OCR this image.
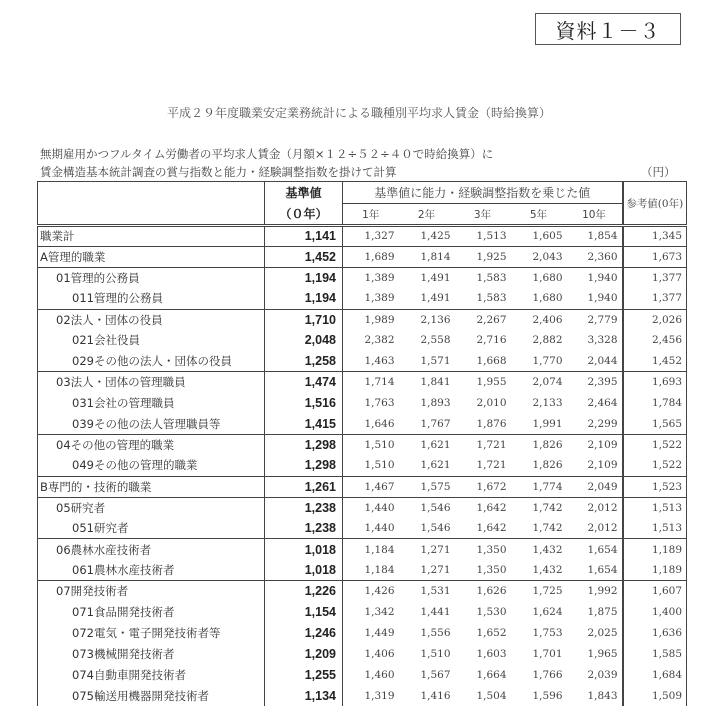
資料１－３
平成２９年度職業安定業務統計による職種別平均求人賃金（時給換算）
無期雇用かつフルタイム労働者の平均求人賃金（月額×１２÷５２÷４０で時給換算）に
賃金構造基本統計調査の賞与指数と能力・経験調整指数を掛けて計算	（円）
	基準値	基準値に能力・経験調整指数を乗じた値					参考値(0年)
	（０年）	1年	2年	3年	5年	10年	
職業計	1,141	1,327	1,425	1,513	1,605	1,854	1,345
A管理的職業	1,452	1,689	1,814	1,925	2,043	2,360	1,673
01管理的公務員	1,194	1,389	1,491	1,583	1,680	1,940	1,377
011管理的公務員	1,194	1,389	1,491	1,583	1,680	1,940	1,377
02法人・団体の役員	1,710	1,989	2,136	2,267	2,406	2,779	2,026
021会社役員	2,048	2,382	2,558	2,716	2,882	3,328	2,456
029その他の法人・団体の役員	1,258	1,463	1,571	1,668	1,770	2,044	1,452
03法人・団体の管理職員	1,474	1,714	1,841	1,955	2,074	2,395	1,693
031会社の管理職員	1,516	1,763	1,893	2,010	2,133	2,464	1,784
039その他の法人管理職員等	1,415	1,646	1,767	1,876	1,991	2,299	1,565
04その他の管理的職業	1,298	1,510	1,621	1,721	1,826	2,109	1,522
049その他の管理的職業	1,298	1,510	1,621	1,721	1,826	2,109	1,522
B専門的・技術的職業	1,261	1,467	1,575	1,672	1,774	2,049	1,523
05研究者	1,238	1,440	1,546	1,642	1,742	2,012	1,513
051研究者	1,238	1,440	1,546	1,642	1,742	2,012	1,513
06農林水産技術者	1,018	1,184	1,271	1,350	1,432	1,654	1,189
061農林水産技術者	1,018	1,184	1,271	1,350	1,432	1,654	1,189
07開発技術者	1,226	1,426	1,531	1,626	1,725	1,992	1,607
071食品開発技術者	1,154	1,342	1,441	1,530	1,624	1,875	1,400
072電気・電子開発技術者等	1,246	1,449	1,556	1,652	1,753	2,025	1,636
073機械開発技術者	1,209	1,406	1,510	1,603	1,701	1,965	1,585
074自動車開発技術者	1,255	1,460	1,567	1,664	1,766	2,039	1,684
075輸送用機器開発技術者	1,134	1,319	1,416	1,504	1,596	1,843	1,509
